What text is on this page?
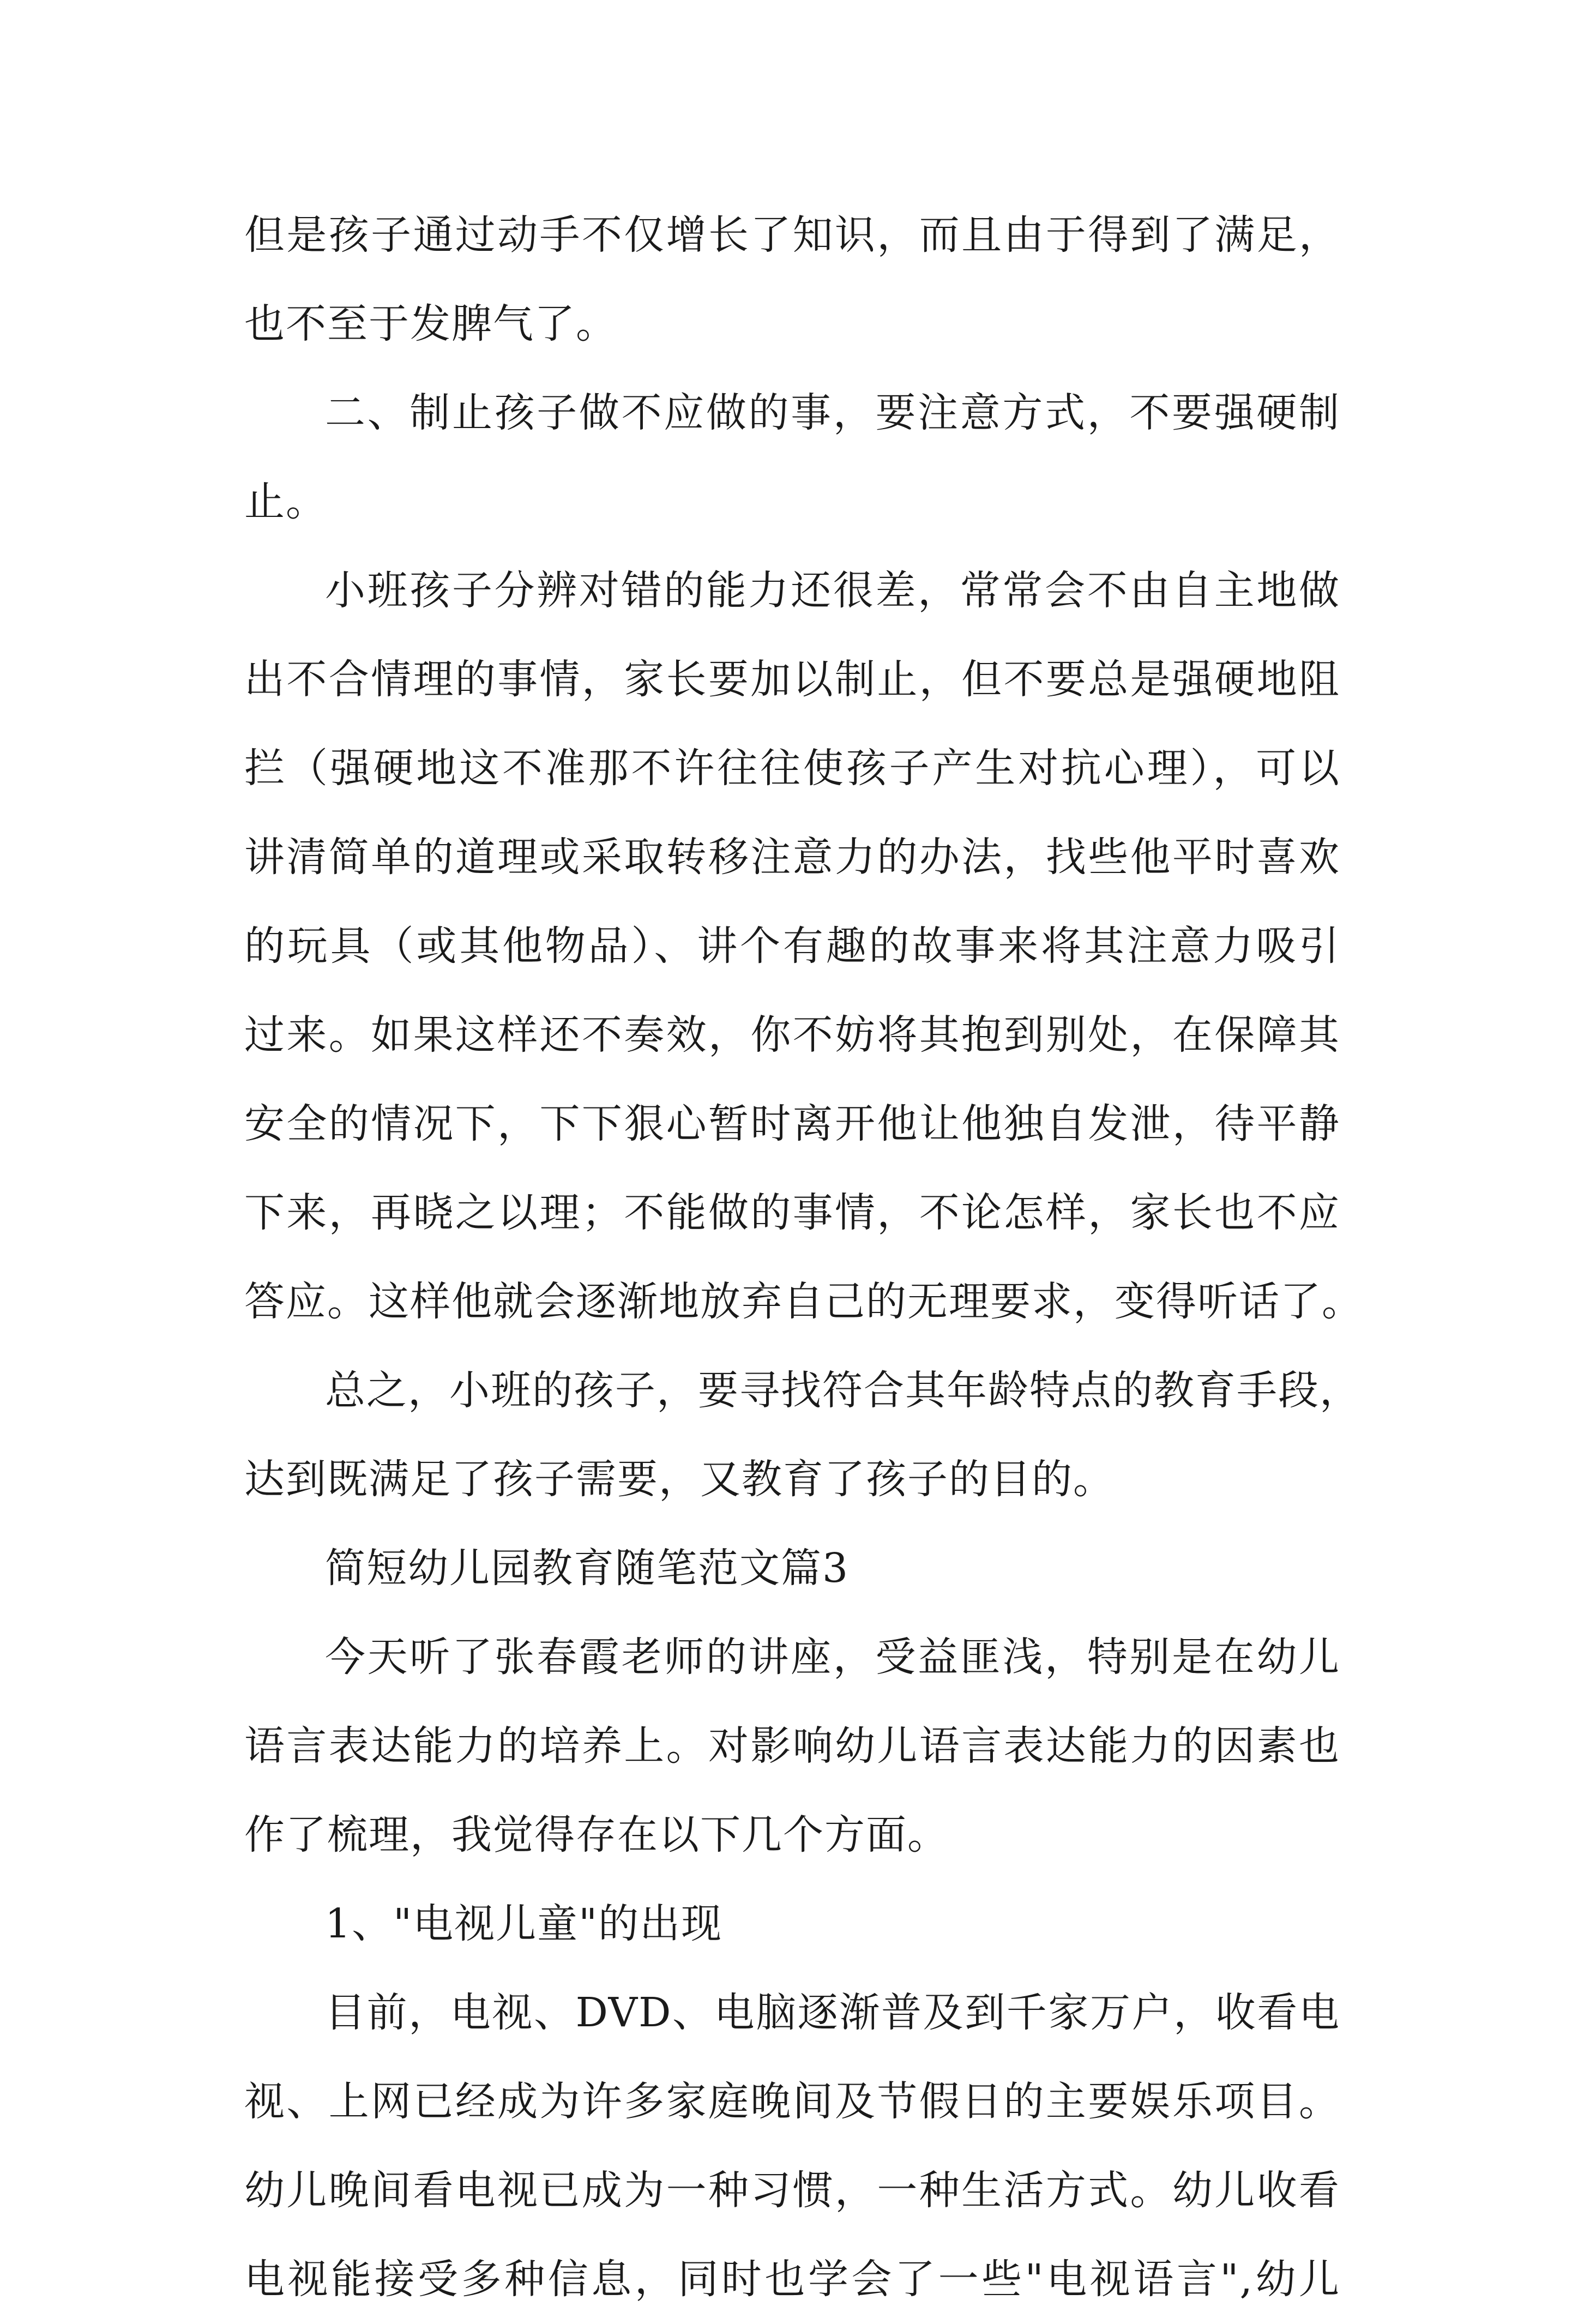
但是孩子通过动手不仅增长了知识，而且由于得到了满足，
也不至于发脾气了。
二、制止孩子做不应做的事，要注意方式，不要强硬制
止。
小班孩子分辨对错的能力还很差，常常会不由自主地做
出不合情理的事情，家长要加以制止，但不要总是强硬地阻
拦（强硬地这不准那不许往往使孩子产生对抗心理），可以
讲清简单的道理或采取转移注意力的办法，找些他平时喜欢
的玩具（或其他物品）、讲个有趣的故事来将其注意力吸引
过来。如果这样还不奏效，你不妨将其抱到别处，在保障其
安全的情况下，下下狠心暂时离开他让他独自发泄，待平静
下来，再晓之以理；不能做的事情，不论怎样，家长也不应
答应。这样他就会逐渐地放弃自己的无理要求，变得听话了。
总之，小班的孩子，要寻找符合其年龄特点的教育手段，
达到既满足了孩子需要，又教育了孩子的目的。
简短幼儿园教育随笔范文篇3
今天听了张春霞老师的讲座，受益匪浅，特别是在幼儿
语言表达能力的培养上。对影响幼儿语言表达能力的因素也
作了梳理，我觉得存在以下几个方面。
1、"电视儿童"的出现
目前，电视、DVD、电脑逐渐普及到千家万户，收看电
视、上网已经成为许多家庭晚间及节假日的主要娱乐项目。
幼儿晚间看电视已成为一种习惯，一种生活方式。幼儿收看
电视能接受多种信息，同时也学会了一些"电视语言",幼儿
